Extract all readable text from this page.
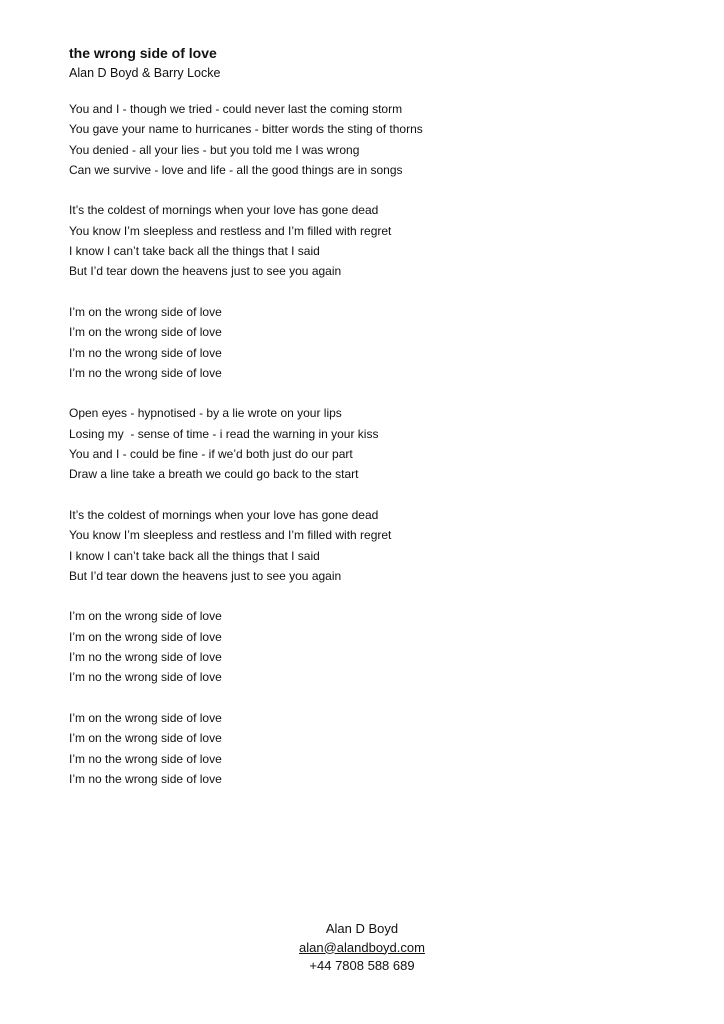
the wrong side of love

Alan D Boyd & Barry Locke

You and I - though we tried - could never last the coming storm
You gave your name to hurricanes - bitter words the sting of thorns
You denied - all your lies - but you told me I was wrong
Can we survive - love and life - all the good things are in songs
It’s the coldest of mornings when your love has gone dead
You know I’m sleepless and restless and I’m filled with regret
I know I can’t take back all the things that I said
But I’d tear down the heavens just to see you again
I’m on the wrong side of love
I’m on the wrong side of love
I’m no the wrong side of love
I’m no the wrong side of love
Open eyes - hypnotised - by a lie wrote on your lips
Losing my  - sense of time - i read the warning in your kiss
You and I - could be fine - if we’d both just do our part
Draw a line take a breath we could go back to the start
It’s the coldest of mornings when your love has gone dead
You know I’m sleepless and restless and I’m filled with regret
I know I can’t take back all the things that I said
But I’d tear down the heavens just to see you again
I’m on the wrong side of love
I’m on the wrong side of love
I’m no the wrong side of love
I’m no the wrong side of love
I’m on the wrong side of love
I’m on the wrong side of love
I’m no the wrong side of love
I’m no the wrong side of love
Alan D Boyd
alan@alandboyd.com
+44 7808 588 689
